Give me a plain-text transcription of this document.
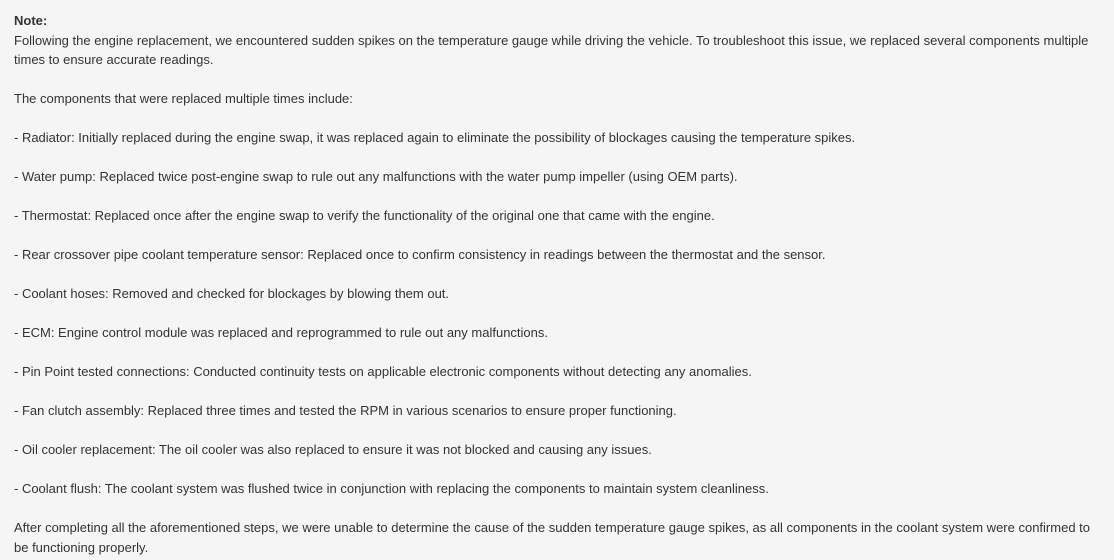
Note:

Following the engine replacement, we encountered sudden spikes on the temperature gauge while driving the vehicle. To troubleshoot this issue, we replaced several components multiple times to ensure accurate readings.

The components that were replaced multiple times include:

- Radiator: Initially replaced during the engine swap, it was replaced again to eliminate the possibility of blockages causing the temperature spikes.

- Water pump: Replaced twice post-engine swap to rule out any malfunctions with the water pump impeller (using OEM parts).

- Thermostat: Replaced once after the engine swap to verify the functionality of the original one that came with the engine.

- Rear crossover pipe coolant temperature sensor: Replaced once to confirm consistency in readings between the thermostat and the sensor.

- Coolant hoses: Removed and checked for blockages by blowing them out.

- ECM: Engine control module was replaced and reprogrammed to rule out any malfunctions.

- Pin Point tested connections: Conducted continuity tests on applicable electronic components without detecting any anomalies.

- Fan clutch assembly: Replaced three times and tested the RPM in various scenarios to ensure proper functioning.

- Oil cooler replacement: The oil cooler was also replaced to ensure it was not blocked and causing any issues.

- Coolant flush: The coolant system was flushed twice in conjunction with replacing the components to maintain system cleanliness.

After completing all the aforementioned steps, we were unable to determine the cause of the sudden temperature gauge spikes, as all components in the coolant system were confirmed to be functioning properly.
